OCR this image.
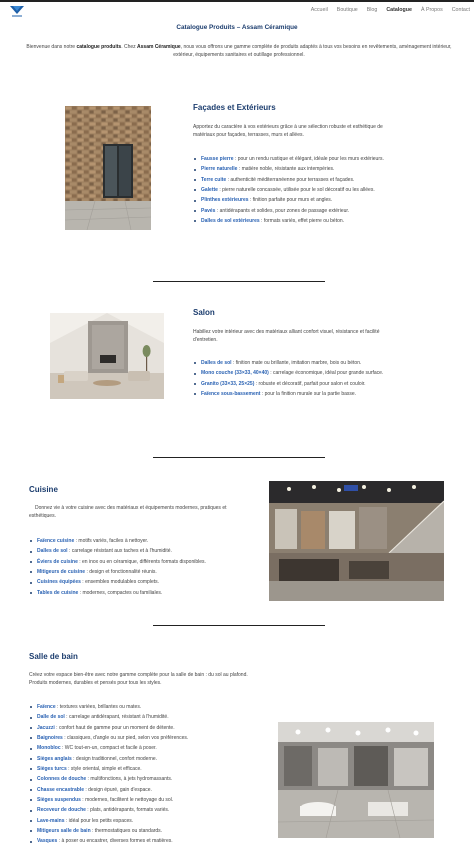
Accueil Boutique Blog Catalogue À Propos Contact
Catalogue Produits – Assam Céramique

Bienvenue dans notre catalogue produits. Chez Assam Céramique, nous vous offrons une gamme complète de produits adaptés à tous vos besoins en revêtements, aménagement intérieur, extérieur, équipements sanitaires et outillage professionnel.

Façades et Extérieurs

Apportez du caractère à vos extérieurs grâce à une sélection robuste et esthétique de matériaux pour façades, terrasses, murs et allées.

Fausse pierre : pour un rendu rustique et élégant, idéale pour les murs extérieurs.
Pierre naturelle : matière noble, résistante aux intempéries.
Terre cuite : authenticité méditerranéenne pour terrasses et façades.
Galette : pierre naturelle concassée, utilisée pour le sol décoratif ou les allées.
Plinthes extérieures : finition parfaite pour murs et angles.
Pavés : antidérapants et solides, pour zones de passage extérieur.
Dalles de sol extérieures : formats variés, effet pierre ou béton.
Salon

Habillez votre intérieur avec des matériaux alliant confort visuel, résistance et facilité d'entretien.

Dalles de sol : finition mate ou brillante, imitation marbre, bois ou béton.
Mono couche (33×33, 40×40) : carrelage économique, idéal pour grande surface.
Granito (33×33, 25×25) : robuste et décoratif, parfait pour salon et couloir.
Faïence sous-bassement : pour la finition murale sur la partie basse.
Cuisine

Donnez vie à votre cuisine avec des matériaux et équipements modernes, pratiques et esthétiques.

Faïence cuisine : motifs variés, faciles à nettoyer.
Dalles de sol : carrelage résistant aux taches et à l'humidité.
Éviers de cuisine : en inox ou en céramique, différents formats disponibles.
Mitigeurs de cuisine : design et fonctionnalité réunis.
Cuisines équipées : ensembles modulables complets.
Tables de cuisine : modernes, compactes ou familiales.
Salle de bain

Créez votre espace bien-être avec notre gamme complète pour la salle de bain : du sol au plafond. Produits modernes, durables et pensés pour tous les styles.

Faïence : textures variées, brillantes ou mates.
Dalle de sol : carrelage antidérapant, résistant à l'humidité.
Jacuzzi : confort haut de gamme pour un moment de détente.
Baignoires : classiques, d'angle ou sur pied, selon vos préférences.
Monobloc : WC tout-en-un, compact et facile à poser.
Sièges anglais : design traditionnel, confort moderne.
Sièges turcs : style oriental, simple et efficace.
Colonnes de douche : multifonctions, à jets hydromassants.
Chasse encastrable : design épuré, gain d'espace.
Sièges suspendus : modernes, facilitent le nettoyage du sol.
Receveur de douche : plats, antidérapants, formats variés.
Lave-mains : idéal pour les petits espaces.
Mitigeurs salle de bain : thermostatiques ou standards.
Vasques : à poser ou encastrer, diverses formes et matières.
